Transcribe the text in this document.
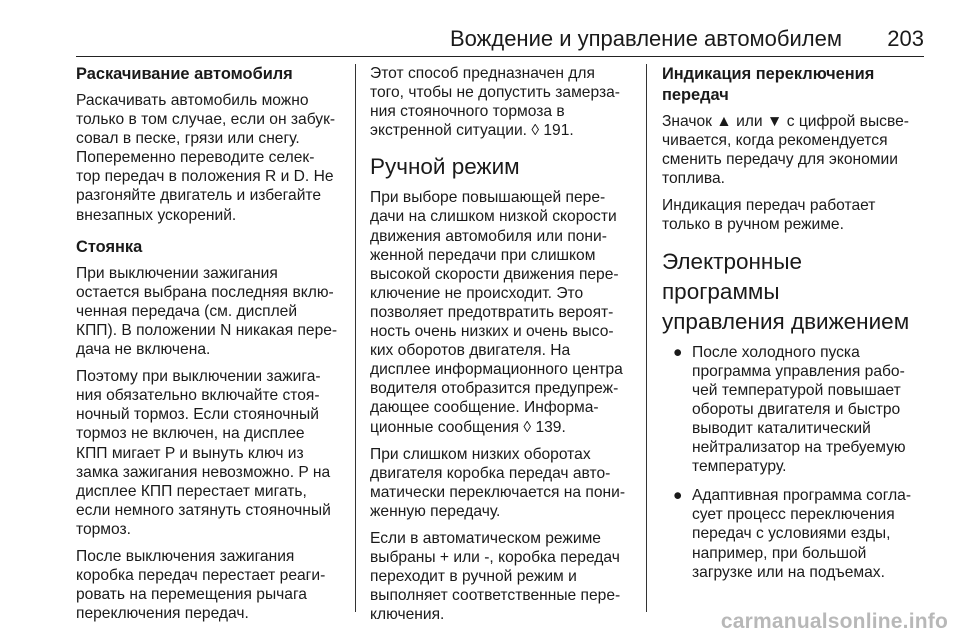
Вождение и управление автомобилем 203
Раскачивание автомобиля

Раскачивать автомобиль можно
только в том случае, если он забук-
совал в песке, грязи или снегу.
Попеременно переводите селек-
тор передач в положения R и D. Не
разгоняйте двигатель и избегайте
внезапных ускорений.

Стоянка

При выключении зажигания
остается выбрана последняя вклю-
ченная передача (см. дисплей
КПП). В положении N никакая пере-
дача не включена.

Поэтому при выключении зажига-
ния обязательно включайте стоя-
ночный тормоз. Если стояночный
тормоз не включен, на дисплее
КПП мигает P и вынуть ключ из
замка зажигания невозможно. P на
дисплее КПП перестает мигать,
если немного затянуть стояночный
тормоз.

После выключения зажигания
коробка передач перестает реаги-
ровать на перемещения рычага
переключения передач.

Этот способ предназначен для
того, чтобы не допустить замерза-
ния стояночного тормоза в
экстренной ситуации. ◊ 191.

Ручной режим

При выборе повышающей пере-
дачи на слишком низкой скорости
движения автомобиля или пони-
женной передачи при слишком
высокой скорости движения пере-
ключение не происходит. Это
позволяет предотвратить вероят-
ность очень низких и очень высо-
ких оборотов двигателя. На
дисплее информационного центра
водителя отобразится предупреж-
дающее сообщение. Информа-
ционные сообщения ◊ 139.

При слишком низких оборотах
двигателя коробка передач авто-
матически переключается на пони-
женную передачу.

Если в автоматическом режиме
выбраны + или -, коробка передач
переходит в ручной режим и
выполняет соответственные пере-
ключения.

Индикация переключения
передач

Значок ▲ или ▼ с цифрой высве-
чивается, когда рекомендуется
сменить передачу для экономии
топлива.

Индикация передач работает
только в ручном режиме.

Электронные программы
управления движением
● После холодного пуска
программа управления рабо-
чей температурой повышает
обороты двигателя и быстро
выводит каталитический
нейтрализатор на требуемую
температуру.
● Адаптивная программа согла-
сует процесс переключения
передач с условиями езды,
например, при большой
загрузке или на подъемах.
carmanualsonline.info
